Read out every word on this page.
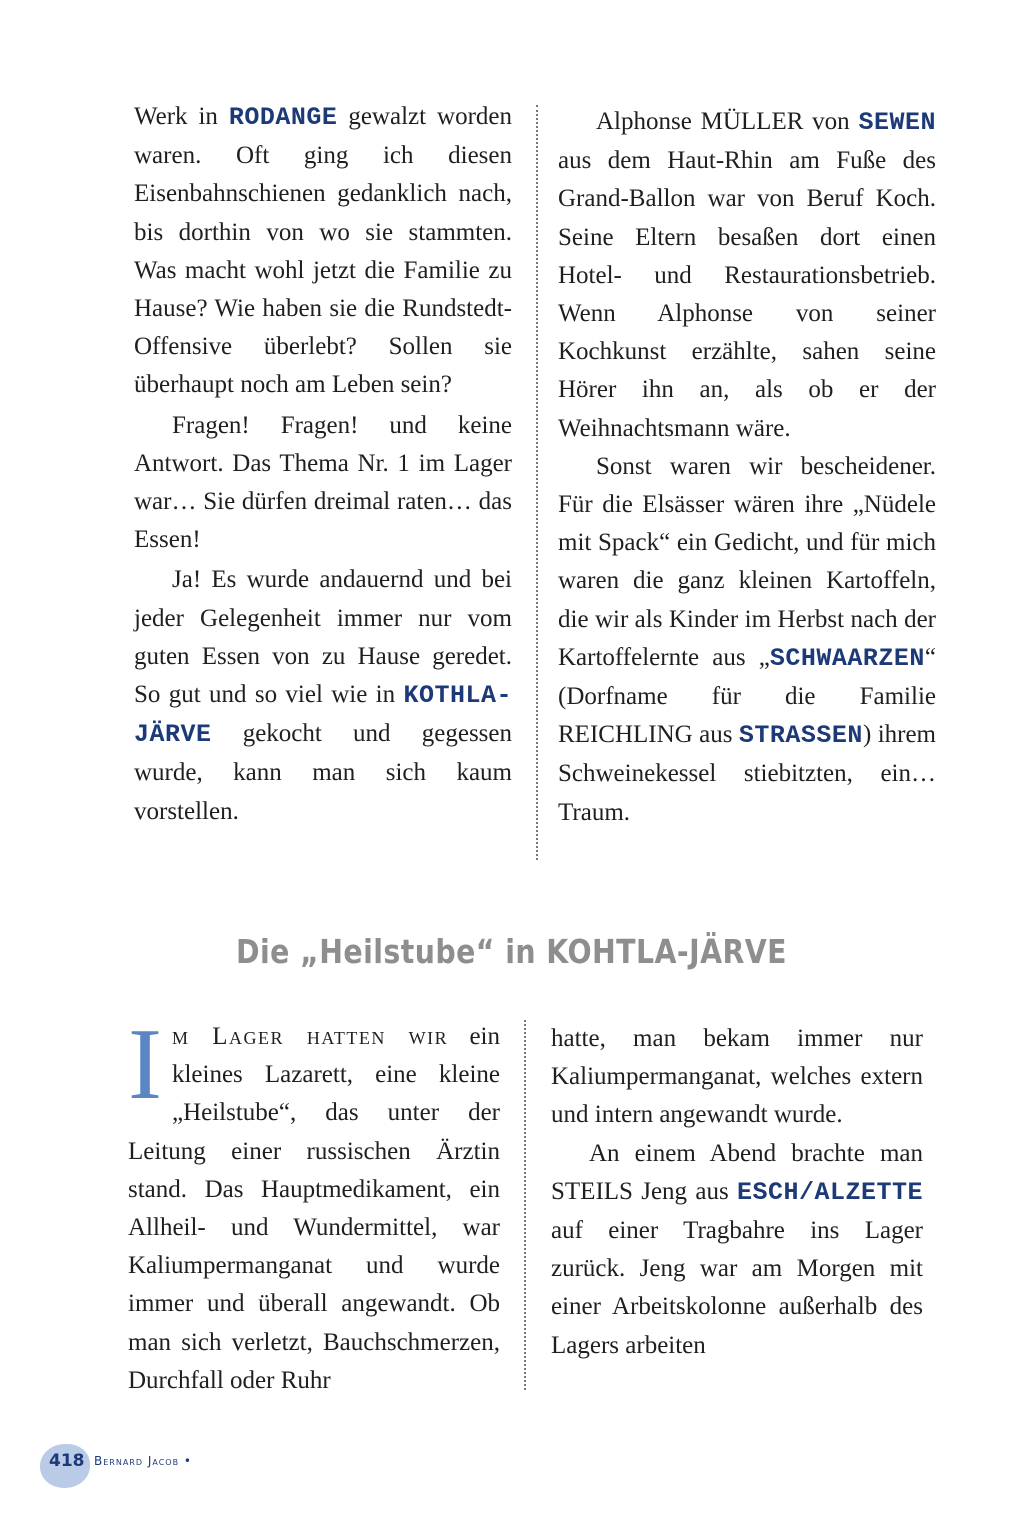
Werk in RODANGE gewalzt worden waren. Oft ging ich diesen Eisenbahnschienen gedanklich nach, bis dorthin von wo sie stammten. Was macht wohl jetzt die Familie zu Hause? Wie haben sie die Rundstedt-Offensive überlebt? Sollen sie überhaupt noch am Leben sein?

Fragen! Fragen! und keine Antwort. Das Thema Nr. 1 im Lager war… Sie dürfen dreimal raten… das Essen!

Ja! Es wurde andauernd und bei jeder Gelegenheit immer nur vom guten Essen von zu Hause geredet. So gut und so viel wie in KOTHLA-JÄRVE gekocht und gegessen wurde, kann man sich kaum vorstellen.

Alphonse MÜLLER von SEWEN aus dem Haut-Rhin am Fuße des Grand-Ballon war von Beruf Koch. Seine Eltern besaßen dort einen Hotel- und Restaurationsbetrieb. Wenn Alphonse von seiner Kochkunst erzählte, sahen seine Hörer ihn an, als ob er der Weihnachtsmann wäre.

Sonst waren wir bescheidener. Für die Elsässer wären ihre „Nüdele mit Spack“ ein Gedicht, und für mich waren die ganz kleinen Kartoffeln, die wir als Kinder im Herbst nach der Kartoffelernte aus „SCHWAARZEN“ (Dorfname für die Familie REICHLING aus STRASSEN) ihrem Schweinekessel stiebitzten, ein… Traum.

Die „Heilstube“ in KOHTLA-JÄRVE

Im Lager hatten wir ein kleines Lazarett, eine kleine „Heilstube“, das unter der Leitung einer russischen Ärztin stand. Das Hauptmedikament, ein Allheil- und Wundermittel, war Kaliumpermanganat und wurde immer und überall angewandt. Ob man sich verletzt, Bauchschmerzen, Durchfall oder Ruhr

hatte, man bekam immer nur Kaliumpermanganat, welches extern und intern angewandt wurde.

An einem Abend brachte man STEILS Jeng aus ESCH/ALZETTE auf einer Tragbahre ins Lager zurück. Jeng war am Morgen mit einer Arbeitskolonne außerhalb des Lagers arbeiten

418 Bernard Jacob •
